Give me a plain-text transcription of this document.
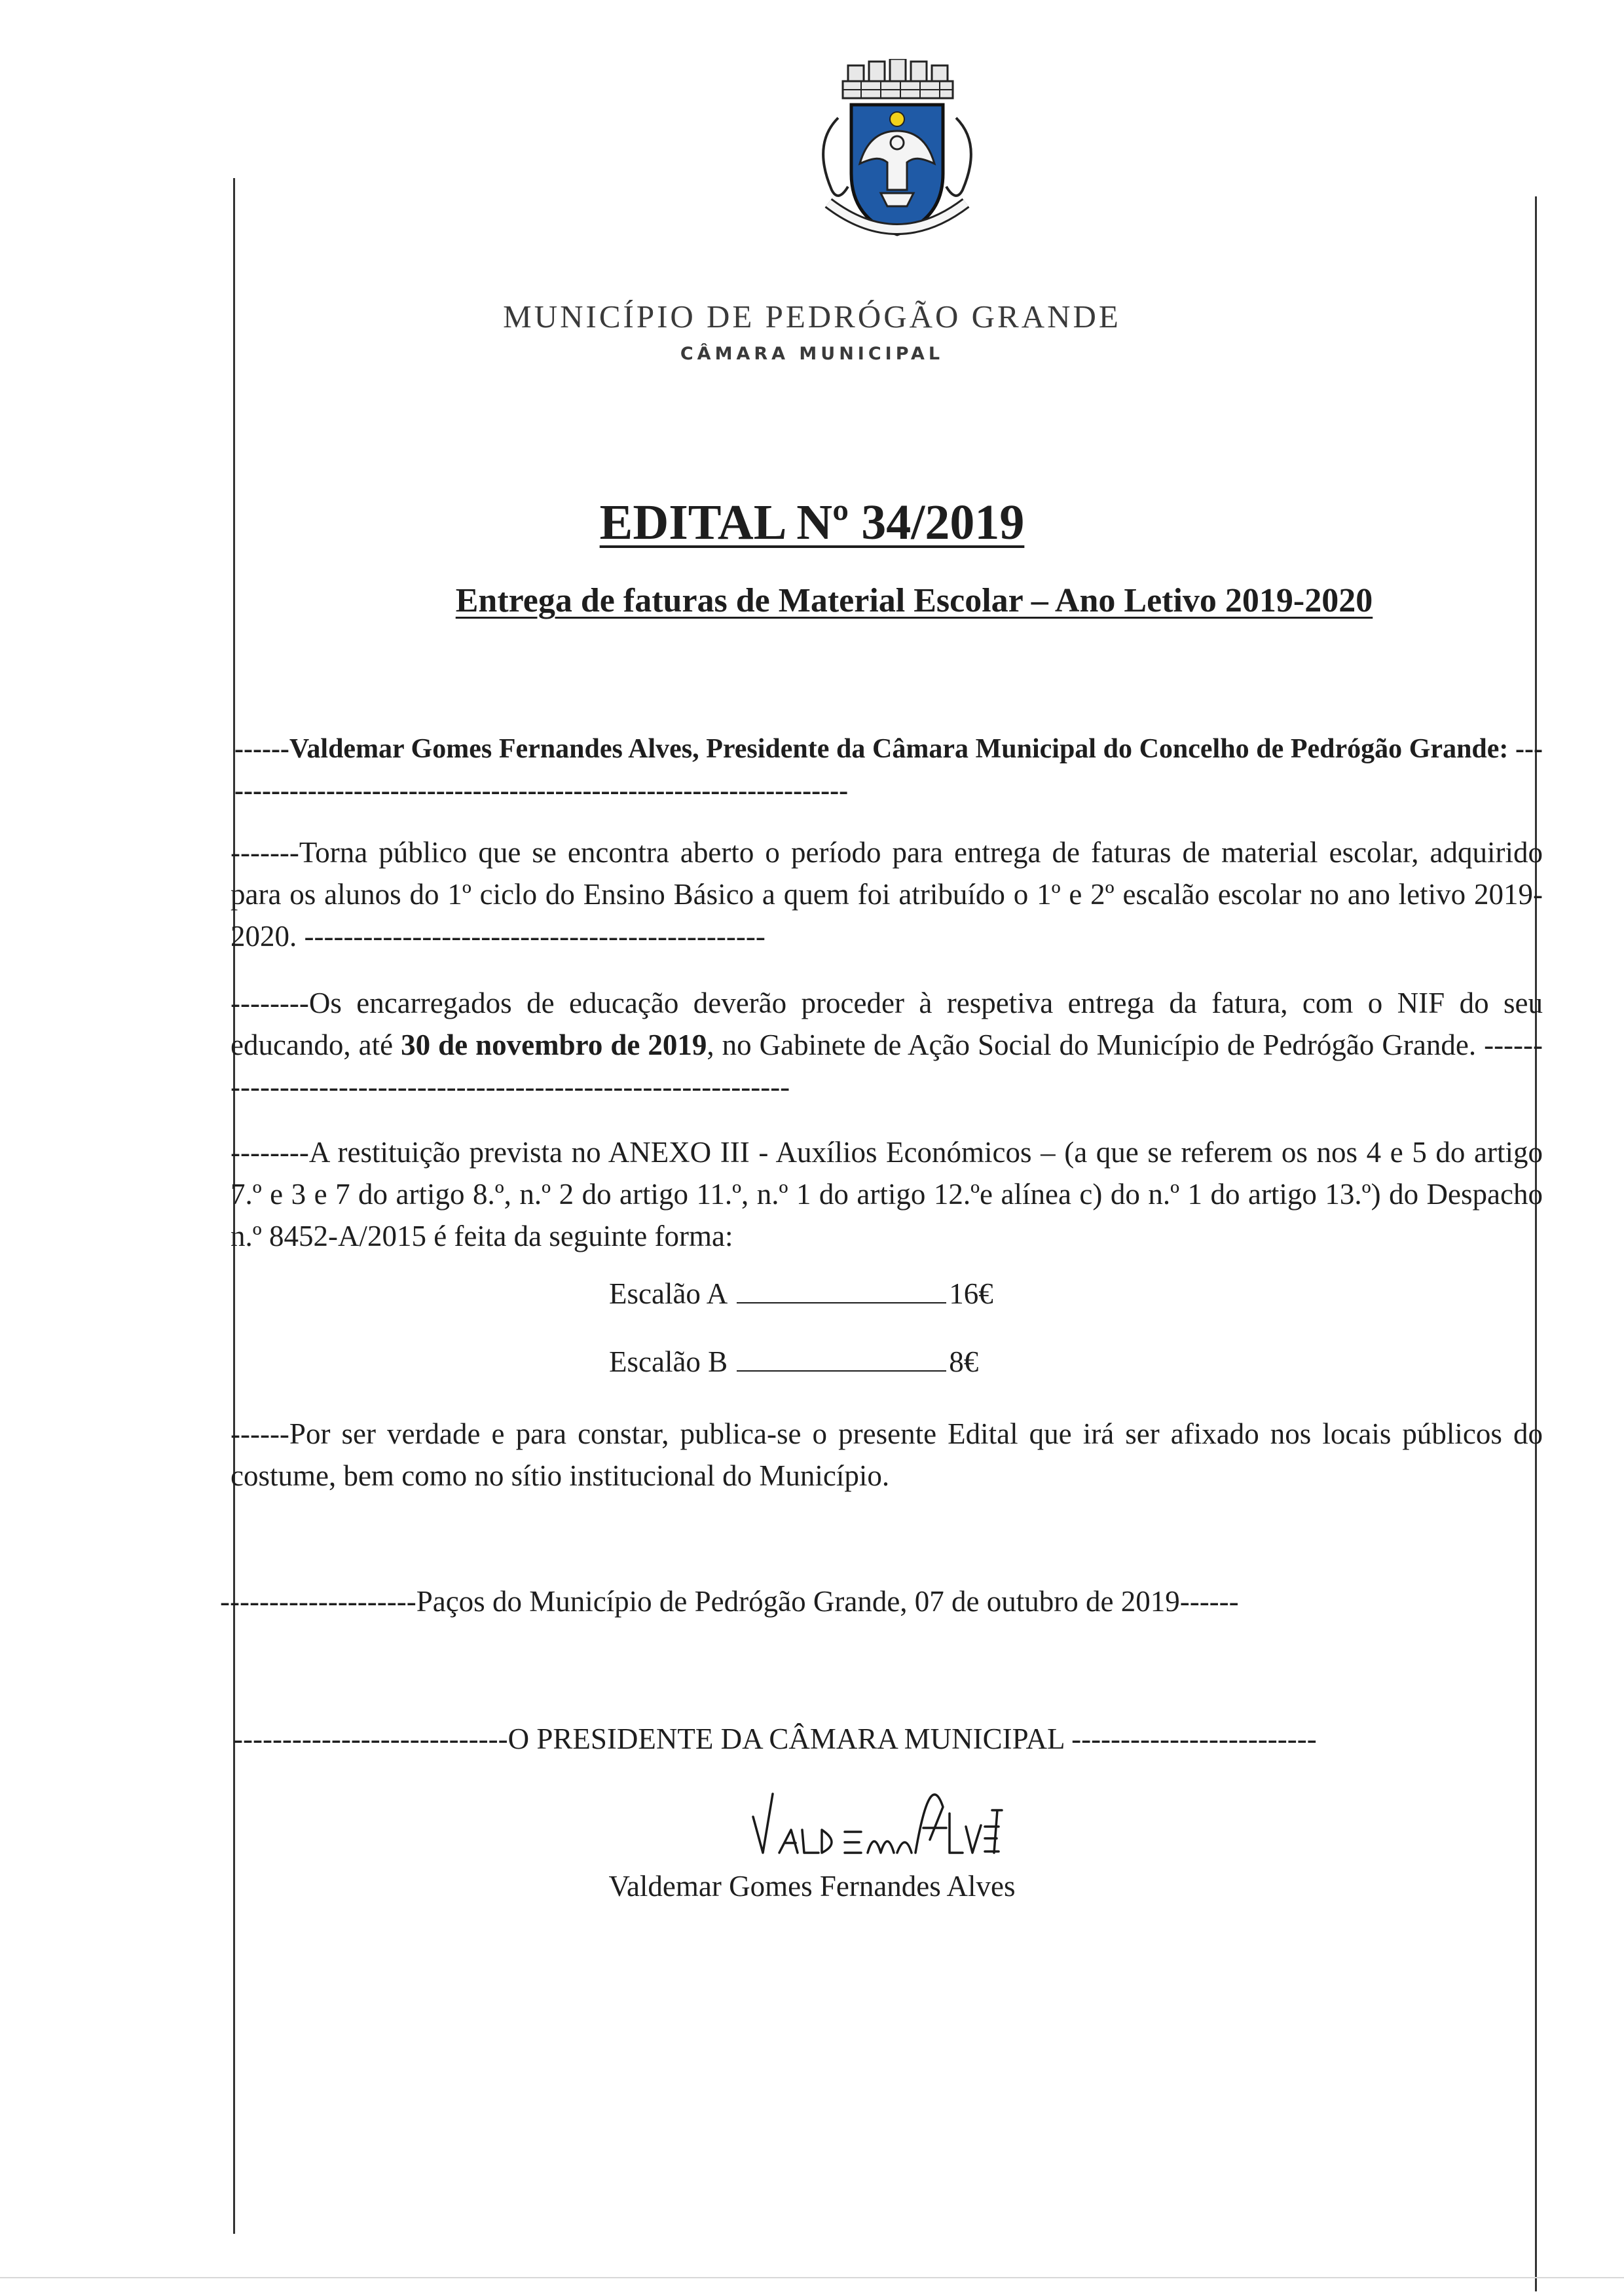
MUNICÍPIO DE PEDRÓGÃO GRANDE
CÂMARA MUNICIPAL
EDITAL Nº 34/2019
Entrega de faturas de Material Escolar – Ano Letivo 2019-2020
------Valdemar Gomes Fernandes Alves, Presidente da Câmara Municipal do Concelho de Pedrógão Grande: ----------------------------------------------------------------------
-------Torna público que se encontra aberto o período para entrega de faturas de material escolar, adquirido para os alunos do 1º ciclo do Ensino Básico a quem foi atribuído o 1º e 2º escalão escolar no ano letivo 2019-2020. -----------------------------------------------
--------Os encarregados de educação deverão proceder à respetiva entrega da fatura, com o NIF do seu educando, até 30 de novembro de 2019, no Gabinete de Ação Social do Município de Pedrógão Grande. ---------------------------------------------------------------
--------A restituição prevista no ANEXO III - Auxílios Económicos – (a que se referem os nos 4 e 5 do artigo 7.º e 3 e 7 do artigo 8.º, n.º 2 do artigo 11.º, n.º 1 do artigo 12.ºe alínea c) do n.º 1 do artigo 13.º) do Despacho n.º 8452-A/2015 é feita da seguinte forma:
Escalão A	16€
Escalão B	8€
------Por ser verdade e para constar, publica-se o presente Edital que irá ser afixado nos locais públicos do costume, bem como no sítio institucional do Município.
--------------------Paços do Município de Pedrógão Grande, 07 de outubro de 2019------
----------------------------O PRESIDENTE DA CÂMARA MUNICIPAL -------------------------
Valdemar Gomes Fernandes Alves
